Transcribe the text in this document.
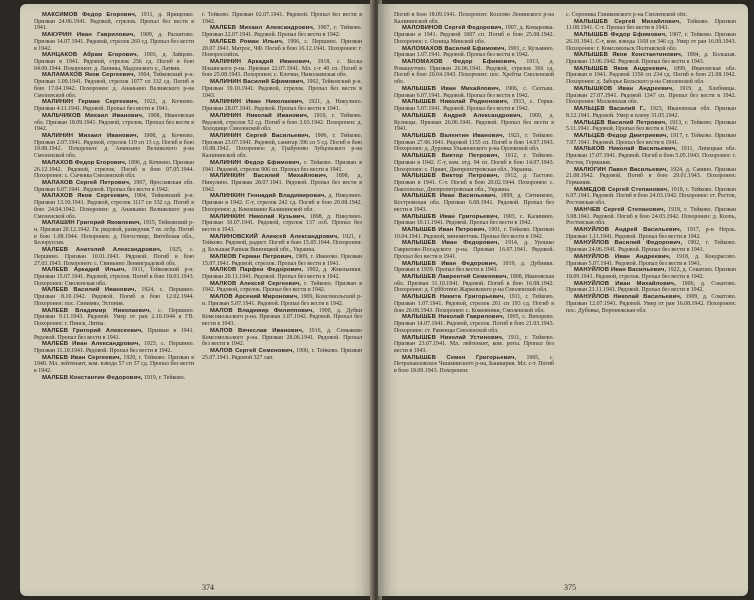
МАКСИМОВ Федор Егорович, 1911, д. Ярищенко. Призван 24.06.1941. Рядовой, стрелок. Пропал без вести в 1941.

МАКУРИН Иван Гаврилович, 1909, д. Раскатово. Призван 14.07.1941. Рядовой, стрелок 269 сд. Пропал без вести в 1942.

МАНЦАКОВ Абрам Егорович, 1903, д. Зайцево. Призван в 1941. Рядовой, стрелок 256 сд. Погиб в бою 04.09.1944. Похоронен: д. Лапины, Мадонского у., Латвия.

МАЛАМАХОВ Яков Сергеевич, 1904, Тейковский р-н. Призван 1.09.1941. Рядовой, стрелок 1077 сп 332 сд. Погиб в бою 17.04.1942. Похоронен: д. Ананьино Велижского р-на Смоленской обл.

МАЛИНИН Герман Сергеевич, 1922, д. Кочнево. Призван 4.11.1941. Рядовой. Пропал без вести в 1941.

МАЛЬЧИКОВ Михаил Иванович, 1908, Ивановская обл. Призван 18.09.1941. Рядовой, стрелок. Пропал без вести в 1942.

МАЛИНИН Михаил Иванович, 1908, д. Кочнево. Призван 2.07.1941. Рядовой, стрелок 119 сп 13 сд. Погиб в бою 19.08.1942. Похоронен: д. Ананьино Велижского р-на Смоленской обл.

МАЛАХОВ Федор Егорович, 1896, д. Кочнево. Призван 26.12.1942. Рядовой, стрелок. Погиб в бою 07.05.1944. Похоронен: с. Сычевка Смоленской обл.

МАЛАХОВ Сергей Петрович, 1907, Ярославская обл. Призван 6.07.1941. Рядовой. Пропал без вести в 1942.

МАЛАХОВ Яков Сергеевич, 1904, Тейковский р-н. Призван 13.10.1941. Рядовой, стрелок 1117 сп 332 сд. Погиб в бою 24.04.1942. Похоронен: д. Ананьино Велижского р-на Смоленской обл.

МАЛАШИН Григорий Яковлевич, 1915, Тейковский р-н. Призван 20.12.1942. Гв. рядовой, разведчик 7 гв. лсбр. Погиб в бою 1.08.1944. Похоронен: д. Погостище, Витебская обл., Белоруссия.

МАЛЕЕВ Анатолий Александрович, 1925, с. Першино. Призван 10.01.1943. Рядовой. Погиб в бою 27.03.1943. Похоронен: с. Свиньино Ленинградской обл.

МАЛЕЕВ Аркадий Ильич, 1911, Тейковский р-н. Призван 15.07.1941. Рядовой, стрелок. Погиб в бою 18.03.1943. Похоронен: Смоленская обл.

МАЛЕЕВ Василий Иванович, 1924, с. Першино. Призван 8.10.1942. Рядовой. Погиб в бою 12.02.1944. Похоронен: пос. Синимяэ, Эстония.

МАЛЕЕВ Владимир Николаевич, с. Першино. Призван 9.11.1943. Рядовой. Умер от ран 2.10.1944 в ГВ. Похоронен: г. Пинск, Литва.

МАЛЕЕВ Григорий Алексеевич, Призван в 1941. Рядовой. Пропал без вести в 1941.

МАЛЕЕВ Иван Александрович, 1923, с. Першино. Призван 11.10.1941. Рядовой. Пропал без вести в 1942.

МАЛЕЕВ Иван Сергеевич, 1920, г. Тейково. Призван в 1940. Мл. лейтенант, ком. взвода 57 сп 37 сд. Пропал без вести в 1942.

МАЛЕЕВ Константин Федорович, 1919, г. Тейково.

г. Тейково. Призван 02.07.1941. Рядовой. Пропал без вести в 1942.

МАЛЕЕВ Михаил Александрович, 1907, г. Тейково. Призван 22.07.1941. Рядовой. Пропал без вести в 1942.

МАЛЕЕВ Роман Ильич, 1906, с. Першино. Призван 20.07.1941. Матрос, ЧФ. Погиб в бою 16.12.1941. Похоронен: г. Новороссийск.

МАЛИНИН Аркадий Иванович, 1918, с. Веска Ильинского р-на. Призван 22.07.1941. Мл. с-т 40 сп. Погиб в бою 25.08.1943. Похоронен: с. Клочки, Николаевская обл.

МАЛИНИН Василий Ефимович, 1902, Тейковский р-н. Призван 19.10.1941. Рядовой, стрелок. Пропал без вести в 1943.

МАЛИНИН Иван Николаевич, 1921, д. Никулино. Призван 28.07.1941. Рядовой. Пропал без вести в 1941.

МАЛИНИН Николай Иванович, 1910, г. Тейково. Рядовой, стрелок 52 сд. Погиб в бою 3.03.1942. Похоронен: д. Холодище Смоленской обл.

МАЛИНИН Сергей Васильевич, 1906, г. Тейково. Призван 23.07.1941. Рядовой, санитар 396 сп 5 сд. Погиб в бою 16.08.1942. Похоронен: д. Грабуново Зубцовского р-на Калининской обл.

МАЛИНИН Федор Ефимович, г. Тейково. Призван в 1941. Рядовой, стрелок 906 сп. Пропал без вести в 1941.

МАЛИНКИН Василий Михайлович, 1898, д. Никулино. Призван 28.07.1941. Рядовой. Пропал без вести в 1942.

МАЛИНКИН Геннадий Владимирович, д. Никулино. Призван в 1942. С-т, стрелок 242 сд. Погиб в бою 20.08.1942. Похоронен: д. Кокошкино Калининской обл.

МАЛИНКИН Николай Кузьмич, 1898, д. Никулино. Призван 10.07.1941. Рядовой, стрелок 137 осб. Пропал без вести в 1943.

МАЛИНОВСКИЙ Алексей Александрович, 1921, г. Тейково. Рядовой, радист. Погиб в бою 15.05.1944. Похоронен: д. Большая Рапная Винницкой обл., Украина.

МАЛКОВ Герман Петрович, 1909, г. Иваново. Призван 15.07.1941. Рядовой, стрелок. Пропал без вести в 1941.

МАЛКОВ Парфен Федорович, 1902, д. Жмельники. Призван 20.11.1941. Рядовой. Пропал без вести в 1942.

МАЛКОВ Алексей Сергеевич, г. Тейково. Призван в 1942. Рядовой, стрелок. Пропал без вести в 1942.

МАЛОВ Арсений Миронович, 1909, Комсомольский р-н. Призван 5.07.1941. Рядовой. Пропал без вести в 1942.

МАЛОВ Владимир Филиппович, 1900, д. Дубки Комсомольского р-на. Призван 3.07.1942. Рядовой. Пропал без вести в 1943.

МАЛОВ Вячеслав Иванович, 1916, д. Семыково Комсомольского р-на. Призван 28.06.1941. Рядовой. Пропал без вести в 1942.

МАЛОВ Сергей Семенович, 1900, г. Тейково. Призван 25.07.1941. Рядовой 327 лап.

374

Погиб в бою 18.09.1941. Похоронен: Козлово Ленинского р-на Калининской обл.

МАЛОВИНОВ Сергей Федорович, 1907, д. Комаровка. Призван в 1941. Рядовой 1007 сп. Погиб в бою 25.08.1942. Похоронен: с. Осница Минской обл.

МАЛОМАХОВ Василий Ефимович, 1901, с. Кузьмино. Призван 1.07.1941. Рядовой. Пропал без вести в 1942.

МАЛОМАХОВ Федор Ефимович, 1913, д. Ромашутово. Призван 26.06.1941. Рядовой, стрелок 366 сд. Погиб в бою 20.04.1943. Похоронен: пос. Хребты Смоленской обл.

МАЛЫШЕВ Иван Михайлович, 1906, с. Сахтыш. Призван 6.07.1941. Рядовой. Пропал без вести в 1942.

МАЛЫШЕВ Николай Родионович, 1913, с. Горки. Призван 5.07.1941. Рядовой. Пропал без вести в 1942.

МАЛЫШЕВ Андрей Александрович, 1909, д. Кузнецы. Призван 26.06.1941. Рядовой. Пропал без вести в 1941.

МАЛЫШЕВ Валентин Иванович, 1921, г. Тейково. Призван 27.06.1941. Рядовой 1155 сп. Погиб в бою 14.07.1943. Похоронен: д. Дуровка Ульяновского р-на Орловской обл.

МАЛЫШЕВ Виктор Петрович, 1912, г. Тейково. Призван в 1942. С-т, ком. отд. 94 сп. Погиб в бою 14.07.1943. Похоронен: с. Прияп, Днепропетровская обл., Украина.

МАЛЫШЕВ Виктор Петрович, 1912, д. Тастово. Призван в 1941. С-т. Погиб в бою 20.02.1944. Похоронен: с. Павлополье, Днепропетровская обл., Украина.

МАЛЫШЕВ Иван Васильевич, 1899, д. Ситниково, Костромская обл. Призван 6.08.1941. Рядовой. Пропал без вести в 1943.

МАЛЫШЕВ Иван Григорьевич, 1903, с. Калинино. Призван 10.11.1941. Рядовой. Пропал без вести в 1942.

МАЛЫШЕВ Иван Петрович, 1901, г. Тейково. Призван 10.04.1941. Рядовой, минометчик. Пропал без вести в 1942.

МАЛЫШЕВ Иван Федорович, 1914, д. Урошко Гавриловo-Посадского р-на. Призван 16.07.1941. Рядовой. Пропал без вести в 1941.

МАЛЫШЕВ Иван Федорович, 1919, д. Дубники. Призван в 1939. Пропал без вести в 1941.

МАЛЫШЕВ Лаврентий Семенович, 1898, Ивановская обл. Призван 31.10.1941. Рядовой. Погиб в бою 16.08.1942. Похоронен: д. Субботино Жарковского р-на Смоленской обл.

МАЛЫШЕВ Никита Григорьевич, 1911, г. Тейково. Призван 1.07.1941. Рядовой, стрелок 261 сп 193 сд. Погиб в бою 26.08.1943. Похоронен: с. Кожевники, Смоленской обл.

МАЛЫШЕВ Николай Гаврилович, 1905, с. Вихорево. Призван 14.07.1941. Рядовой, стрелок. Погиб в бою 21.03.1943. Похоронен: ст. Раменцы Смоленской обл.

МАЛЫШЕВ Николай Устинович, 1911, г. Тейково. Призван 23.07.1941. Мл. лейтенант, ком. роты. Пропал без вести в 1943.

МАЛЫШЕВ Семен Григорьевич, 1905, с. Петропавловское Чишминского р-на, Башкирия. Мл. с-т. Погиб в бою 18.09.1943. Похоронен:

с. Сороника Глинковского р-на Смоленской обл.

МАЛЫШЕВ Сергей Михайлович, Тейково. Призван 11.08.1941. С-т. Пропал без вести в 1943.

МАЛЫШЕВ Федор Ефимович, 1907, г. Тейково. Призван 26.10.1941. С-т, ком. взвода 1168 сп 346 сд. Умер от ран 16.09.1943. Похоронен: г. Комсомольск Полтавской обл.

МАЛЫШЕВ Яков Константинович, 1894, д. Большая. Призван 13.06.1942. Рядовой. Пропал без вести в 1943.

МАЛЫШЕВ Яков Андреевич, 1899, Ивановская обл. Призван в 1941. Рядовой 1350 сп 234 сд. Погиб в бою 21.08.1942. Похоронен: д. Заборье Бельского р-на Смоленской обл.

МАЛЫШКОВ Иван Андреевич, 1919, д. Хлебницы. Призван 27.07.1941. Рядовой 1347 сп. Пропал без вести в 1942. Похоронен: Московская обл.

МАЛЬЦЕВ Василий Г., 1923, Ивановская обл. Призван 8.12.1941. Рядовой. Умер в плену 31.05.1942.

МАЛЬЦЕВ Василий Петрович, 1913, г. Тейково. Призван 5.11.1941. Рядовой. Пропал без вести в 1942.

МАЛЬЦЕВ Федор Дмитриевич, 1917, г. Тейково. Призван 7.07.1941. Рядовой. Пропал без вести в 1941.

МАЛЬКОВ Николай Васильевич, 1911, Липецкая обл. Призван 17.07.1941. Рядовой. Погиб в бою 5.05.1943. Похоронен: г. Ростов, Германия.

МАЛЮГИН Павел Васильевич, 1924, д. Савино. Призван 21.08.1942. Рядовой. Погиб в бою 29.01.1943. Похоронен: Германия.

МАМЕДОВ Сергей Степанович, 1918, г. Тейково. Призван 6.07.1941. Рядовой. Погиб в бою 24.03.1942. Похоронен: ст. Ростов, Ростовская обл.

МАНЧЕВ Сергей Степанович, 1918, г. Тейково. Призван 3.08.1941. Рядовой. Погиб в бою 24.03.1942. Похоронен: д. Колпь, Ростовская обл.

МАНУЙЛОВ Андрей Васильевич, 1917, р-н Нерль. Призван 1.11.1941. Рядовой. Пропал без вести в 1942.

МАНУЙЛОВ Василий Федорович, 1902, г. Тейково. Призван 24.06.1941. Рядовой. Пропал без вести в 1941.

МАНУЙЛОВ Иван Андреевич, 1918, д. Кондрасово. Призван 5.07.1941. Рядовой. Пропал без вести в 1941.

МАНУЙЛОВ Иван Васильевич, 1922, д. Сокатово. Призван 18.09.1941. Рядовой, стрелок. Пропал без вести в 1942.

МАНУЙЛОВ Иван Михайлович, 1906, д. Сокатово. Призван 21.11.1941. Рядовой. Пропал без вести в 1942.

МАНУЙЛОВ Николай Васильевич, 1909, д. Сокатово. Призван 12.07.1941. Рядовой. Умер от ран 16.08.1942. Похоронен: пос. Дубовка, Воронежская обл.

375
